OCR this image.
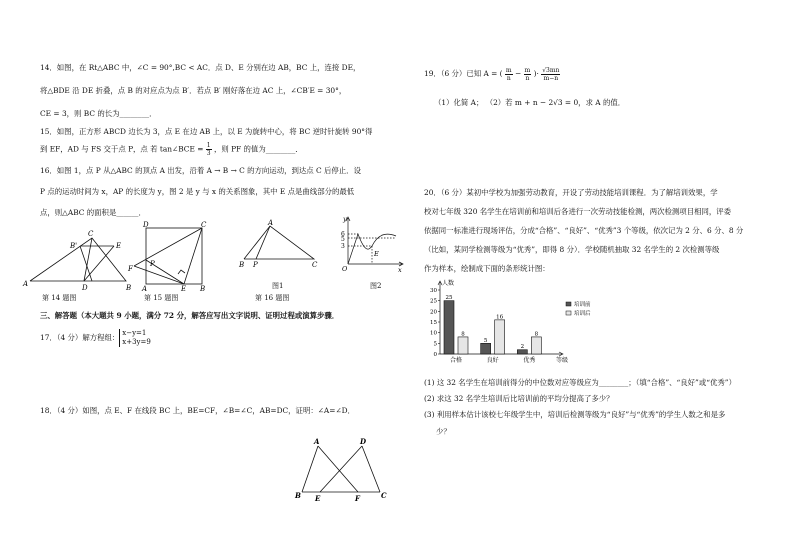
14．如图，在 Rt△ABC 中，∠C = 90°,BC < AC．点 D、E 分别在边 AB，BC 上，连接 DE，
将△BDE 沿 DE 折叠，点 B 的对应点为点 B′．若点 B′ 刚好落在边 AC 上，∠CB′E = 30°，
CE = 3，则 BC 的长为________．
15．如图，正方形 ABCD 边长为 3，点 E 在边 AB 上，以 E 为旋转中心，将 BC 逆时针旋转 90°得
到 EF，AD 与 FS 交于点 P，点 若 tan∠BCE = $\frac{1}{3}$ ，则 PF 的值为________．
16．如图 1，点 P 从△ABC 的顶点 A 出发，沿着 A → B → C 的方向运动，到达点 C 后停止．设
P 点的运动时间为 x，AP 的长度为 y，图 2 是 y 与 x 的关系图象，其中 E 点是曲线部分的最低
点，则△ABC 的面积是______．
A
C
E
B'
D	B
第 14 题图
D	C
F
P
A	E B
第 15 题图
A
B P	C
图1
y
6
5
3
O
E
x
图2
第 16 题图
三、解答题（本大题共 9 小题，满分 72 分，解答应写出文字说明、证明过程或演算步骤．
17．（4 分）解方程组： x−y=1
x+3y=9
18．（4 分）如图，点 E、F 在线段 BC 上，BE=CF，∠B=∠C，AB=DC，证明：∠A=∠D．
A	D
B E	F	C
19．（6 分）已知 A = ( $\frac{m}{n} - \frac{m}{n}$ )· $\frac{√3mn}{m-n}$
（1）化简 A； （2）若 m + n − 2√3 = 0，求 A 的值．
20．（6 分）某初中学校为加强劳动教育，开设了劳动技能培训课程．为了解培训效果，学
校对七年级 320 名学生在培训前和培训后各进行一次劳动技能检测，两次检测项目相同，评委
依据同一标准进行现场评估，分成“合格”、“良好”、“优秀”3 个等级，依次记为 2 分、6 分、8 分
（比如，某同学检测等级为“优秀”，即得 8 分）．学校随机抽取 32 名学生的 2 次检测等级
作为样本，绘制成下面的条形统计图：
0
5
10
15
20
25
30
人数
25
8
合格
5
16
良好
2
8
优秀	等级
培训前
培训后
(1) 这 32 名学生在培训前得分的中位数对应等级应为________；（填“合格”、“良好”或“优秀”）
(2) 求这 32 名学生培训后比培训前的平均分提高了多少？
(3) 利用样本估计该校七年级学生中，培训后检测等级为“良好”与“优秀”的学生人数之和是多
少？
